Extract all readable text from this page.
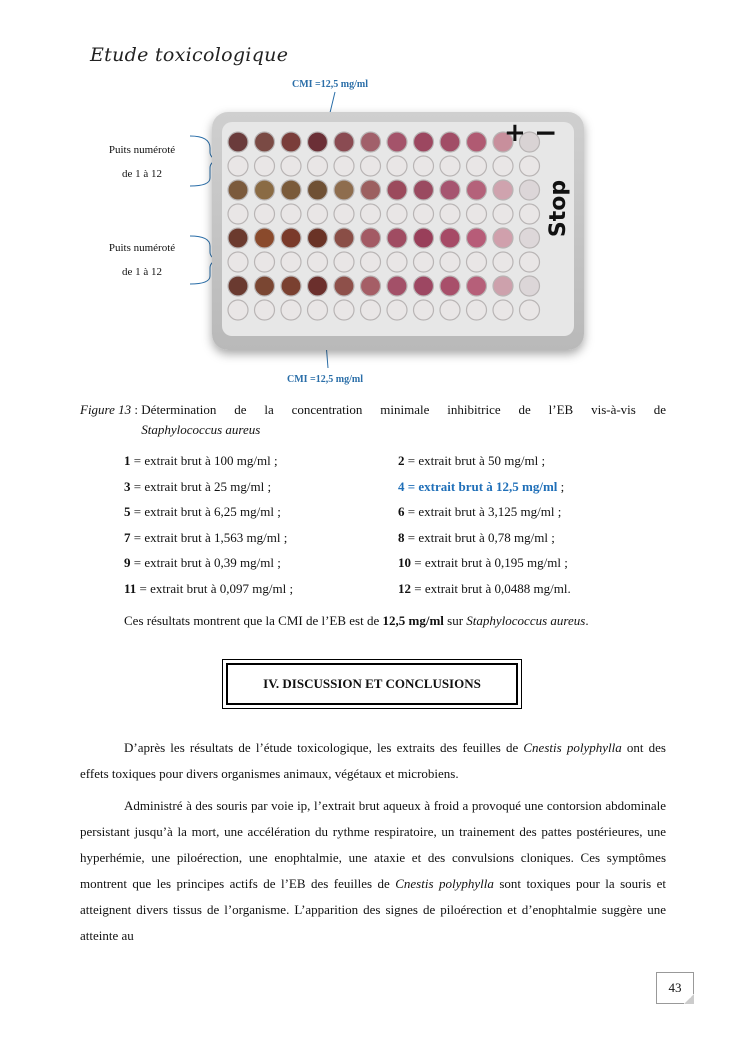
Etude toxicologique
CMI =12,5 mg/ml
CMI =12,5 mg/ml
Puits numéroté
de 1 à 12
Puits numéroté
de 1 à 12
+ −
Stop
Figure 13 : Détermination de la concentration minimale inhibitrice de l’EB vis-à-vis de
Staphylococcus aureus
1 = extrait brut à 100 mg/ml ;
3 = extrait brut à 25 mg/ml ;
5 = extrait brut à 6,25 mg/ml ;
7 = extrait brut à 1,563 mg/ml ;
9 = extrait brut à 0,39 mg/ml ;
11 = extrait brut à 0,097 mg/ml ;
2 = extrait brut à 50 mg/ml ;
4 = extrait brut à 12,5 mg/ml ;
6 = extrait brut à 3,125 mg/ml ;
8 = extrait brut à 0,78 mg/ml ;
10 = extrait brut à 0,195 mg/ml ;
12 = extrait brut à 0,0488 mg/ml.
Ces résultats montrent que la CMI de l’EB est de 12,5 mg/ml sur Staphylococcus aureus.
IV. DISCUSSION ET CONCLUSIONS
D’après les résultats de l’étude toxicologique, les extraits des feuilles de Cnestis polyphylla ont des effets toxiques pour divers organismes animaux, végétaux et microbiens.
Administré à des souris par voie ip, l’extrait brut aqueux à froid a provoqué une contorsion abdominale persistant jusqu’à la mort, une accélération du rythme respiratoire, un trainement des pattes postérieures, une hyperhémie, une piloérection, une enophtalmie, une ataxie et des convulsions cloniques. Ces symptômes montrent que les principes actifs de l’EB des feuilles de Cnestis polyphylla sont toxiques pour la souris et atteignent divers tissus de l’organisme. L’apparition des signes de piloérection et d’enophtalmie suggère une atteinte au
43
